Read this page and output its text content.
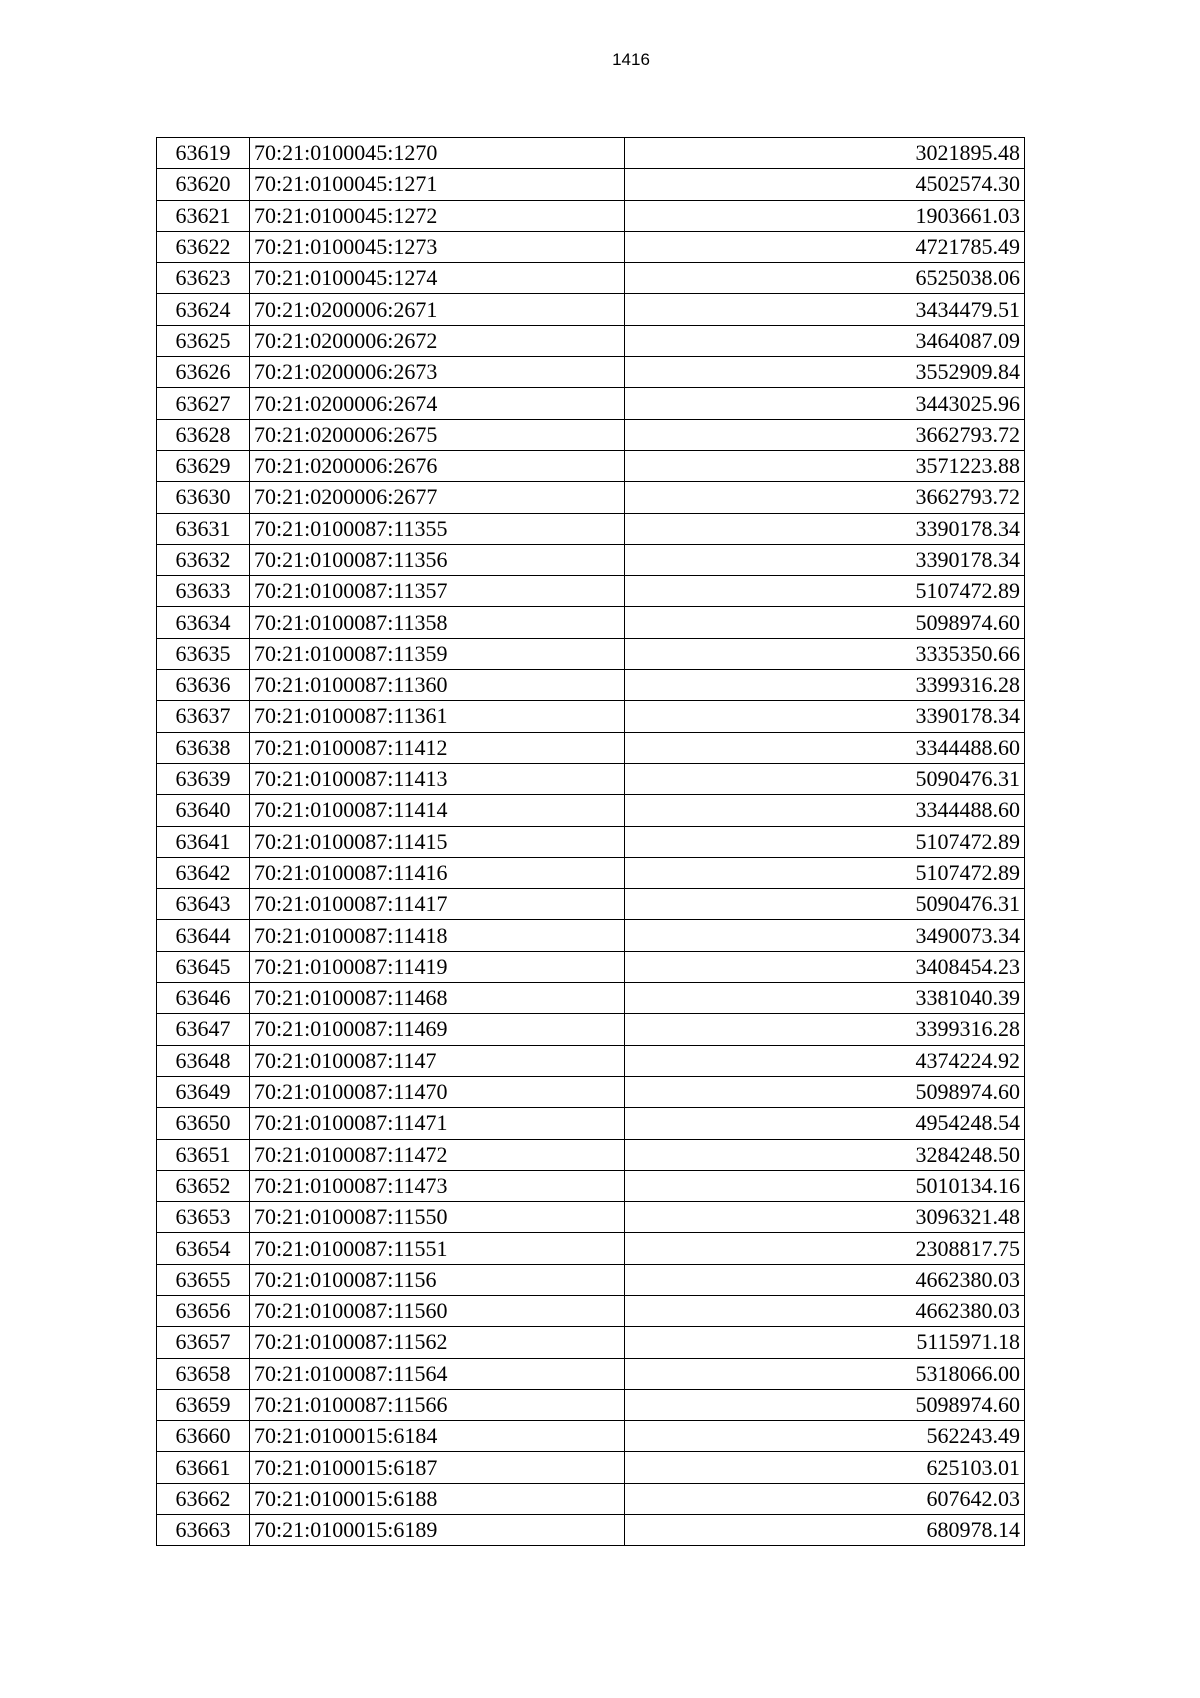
1416
63619	70:21:0100045:1270	3021895.48
63620	70:21:0100045:1271	4502574.30
63621	70:21:0100045:1272	1903661.03
63622	70:21:0100045:1273	4721785.49
63623	70:21:0100045:1274	6525038.06
63624	70:21:0200006:2671	3434479.51
63625	70:21:0200006:2672	3464087.09
63626	70:21:0200006:2673	3552909.84
63627	70:21:0200006:2674	3443025.96
63628	70:21:0200006:2675	3662793.72
63629	70:21:0200006:2676	3571223.88
63630	70:21:0200006:2677	3662793.72
63631	70:21:0100087:11355	3390178.34
63632	70:21:0100087:11356	3390178.34
63633	70:21:0100087:11357	5107472.89
63634	70:21:0100087:11358	5098974.60
63635	70:21:0100087:11359	3335350.66
63636	70:21:0100087:11360	3399316.28
63637	70:21:0100087:11361	3390178.34
63638	70:21:0100087:11412	3344488.60
63639	70:21:0100087:11413	5090476.31
63640	70:21:0100087:11414	3344488.60
63641	70:21:0100087:11415	5107472.89
63642	70:21:0100087:11416	5107472.89
63643	70:21:0100087:11417	5090476.31
63644	70:21:0100087:11418	3490073.34
63645	70:21:0100087:11419	3408454.23
63646	70:21:0100087:11468	3381040.39
63647	70:21:0100087:11469	3399316.28
63648	70:21:0100087:1147	4374224.92
63649	70:21:0100087:11470	5098974.60
63650	70:21:0100087:11471	4954248.54
63651	70:21:0100087:11472	3284248.50
63652	70:21:0100087:11473	5010134.16
63653	70:21:0100087:11550	3096321.48
63654	70:21:0100087:11551	2308817.75
63655	70:21:0100087:1156	4662380.03
63656	70:21:0100087:11560	4662380.03
63657	70:21:0100087:11562	5115971.18
63658	70:21:0100087:11564	5318066.00
63659	70:21:0100087:11566	5098974.60
63660	70:21:0100015:6184	562243.49
63661	70:21:0100015:6187	625103.01
63662	70:21:0100015:6188	607642.03
63663	70:21:0100015:6189	680978.14
